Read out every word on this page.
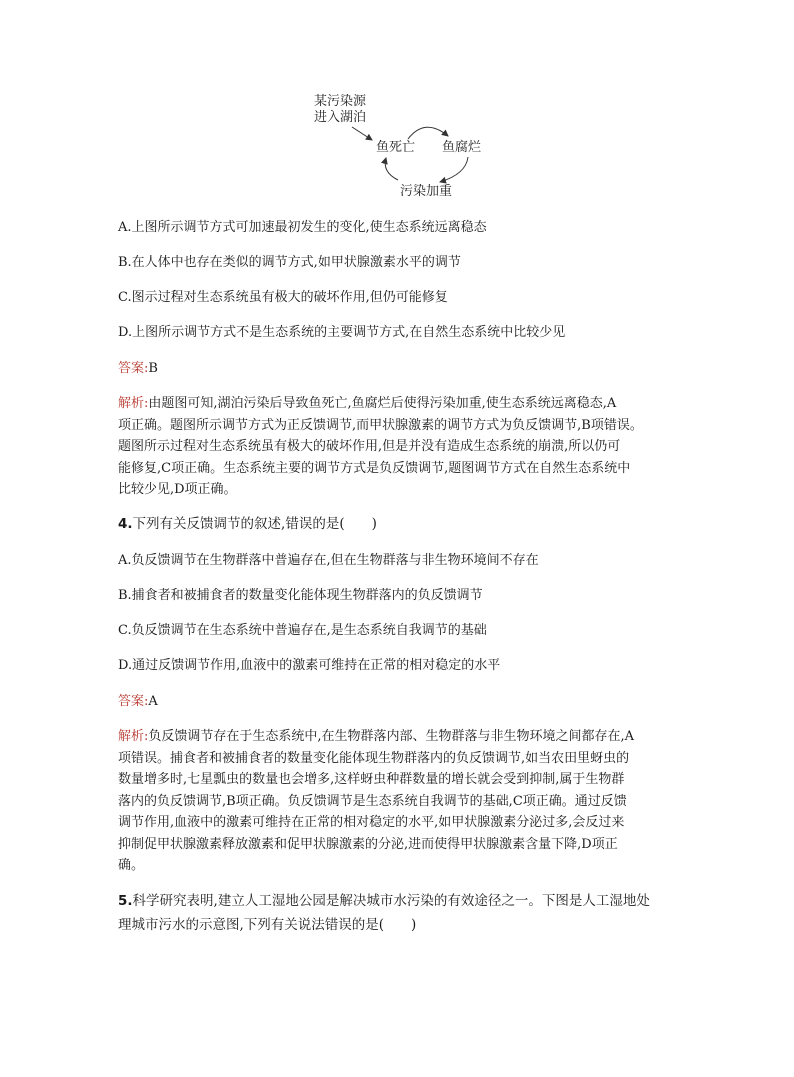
某污染源
进入湖泊
鱼死亡 鱼腐烂
污染加重
A.上图所示调节方式可加速最初发生的变化,使生态系统远离稳态
B.在人体中也存在类似的调节方式,如甲状腺激素水平的调节
C.图示过程对生态系统虽有极大的破坏作用,但仍可能修复
D.上图所示调节方式不是生态系统的主要调节方式,在自然生态系统中比较少见
答案:B
解析:由题图可知,湖泊污染后导致鱼死亡,鱼腐烂后使得污染加重,使生态系统远离稳态,A
项正确。题图所示调节方式为正反馈调节,而甲状腺激素的调节方式为负反馈调节,B项错误。
题图所示过程对生态系统虽有极大的破坏作用,但是并没有造成生态系统的崩溃,所以仍可
能修复,C项正确。生态系统主要的调节方式是负反馈调节,题图调节方式在自然生态系统中
比较少见,D项正确。
4.下列有关反馈调节的叙述,错误的是(　　)
A.负反馈调节在生物群落中普遍存在,但在生物群落与非生物环境间不存在
B.捕食者和被捕食者的数量变化能体现生物群落内的负反馈调节
C.负反馈调节在生态系统中普遍存在,是生态系统自我调节的基础
D.通过反馈调节作用,血液中的激素可维持在正常的相对稳定的水平
答案:A
解析:负反馈调节存在于生态系统中,在生物群落内部、生物群落与非生物环境之间都存在,A
项错误。捕食者和被捕食者的数量变化能体现生物群落内的负反馈调节,如当农田里蚜虫的
数量增多时,七星瓢虫的数量也会增多,这样蚜虫种群数量的增长就会受到抑制,属于生物群
落内的负反馈调节,B项正确。负反馈调节是生态系统自我调节的基础,C项正确。通过反馈
调节作用,血液中的激素可维持在正常的相对稳定的水平,如甲状腺激素分泌过多,会反过来
抑制促甲状腺激素释放激素和促甲状腺激素的分泌,进而使得甲状腺激素含量下降,D项正
确。
5.科学研究表明,建立人工湿地公园是解决城市水污染的有效途径之一。下图是人工湿地处
理城市污水的示意图,下列有关说法错误的是(　　)
